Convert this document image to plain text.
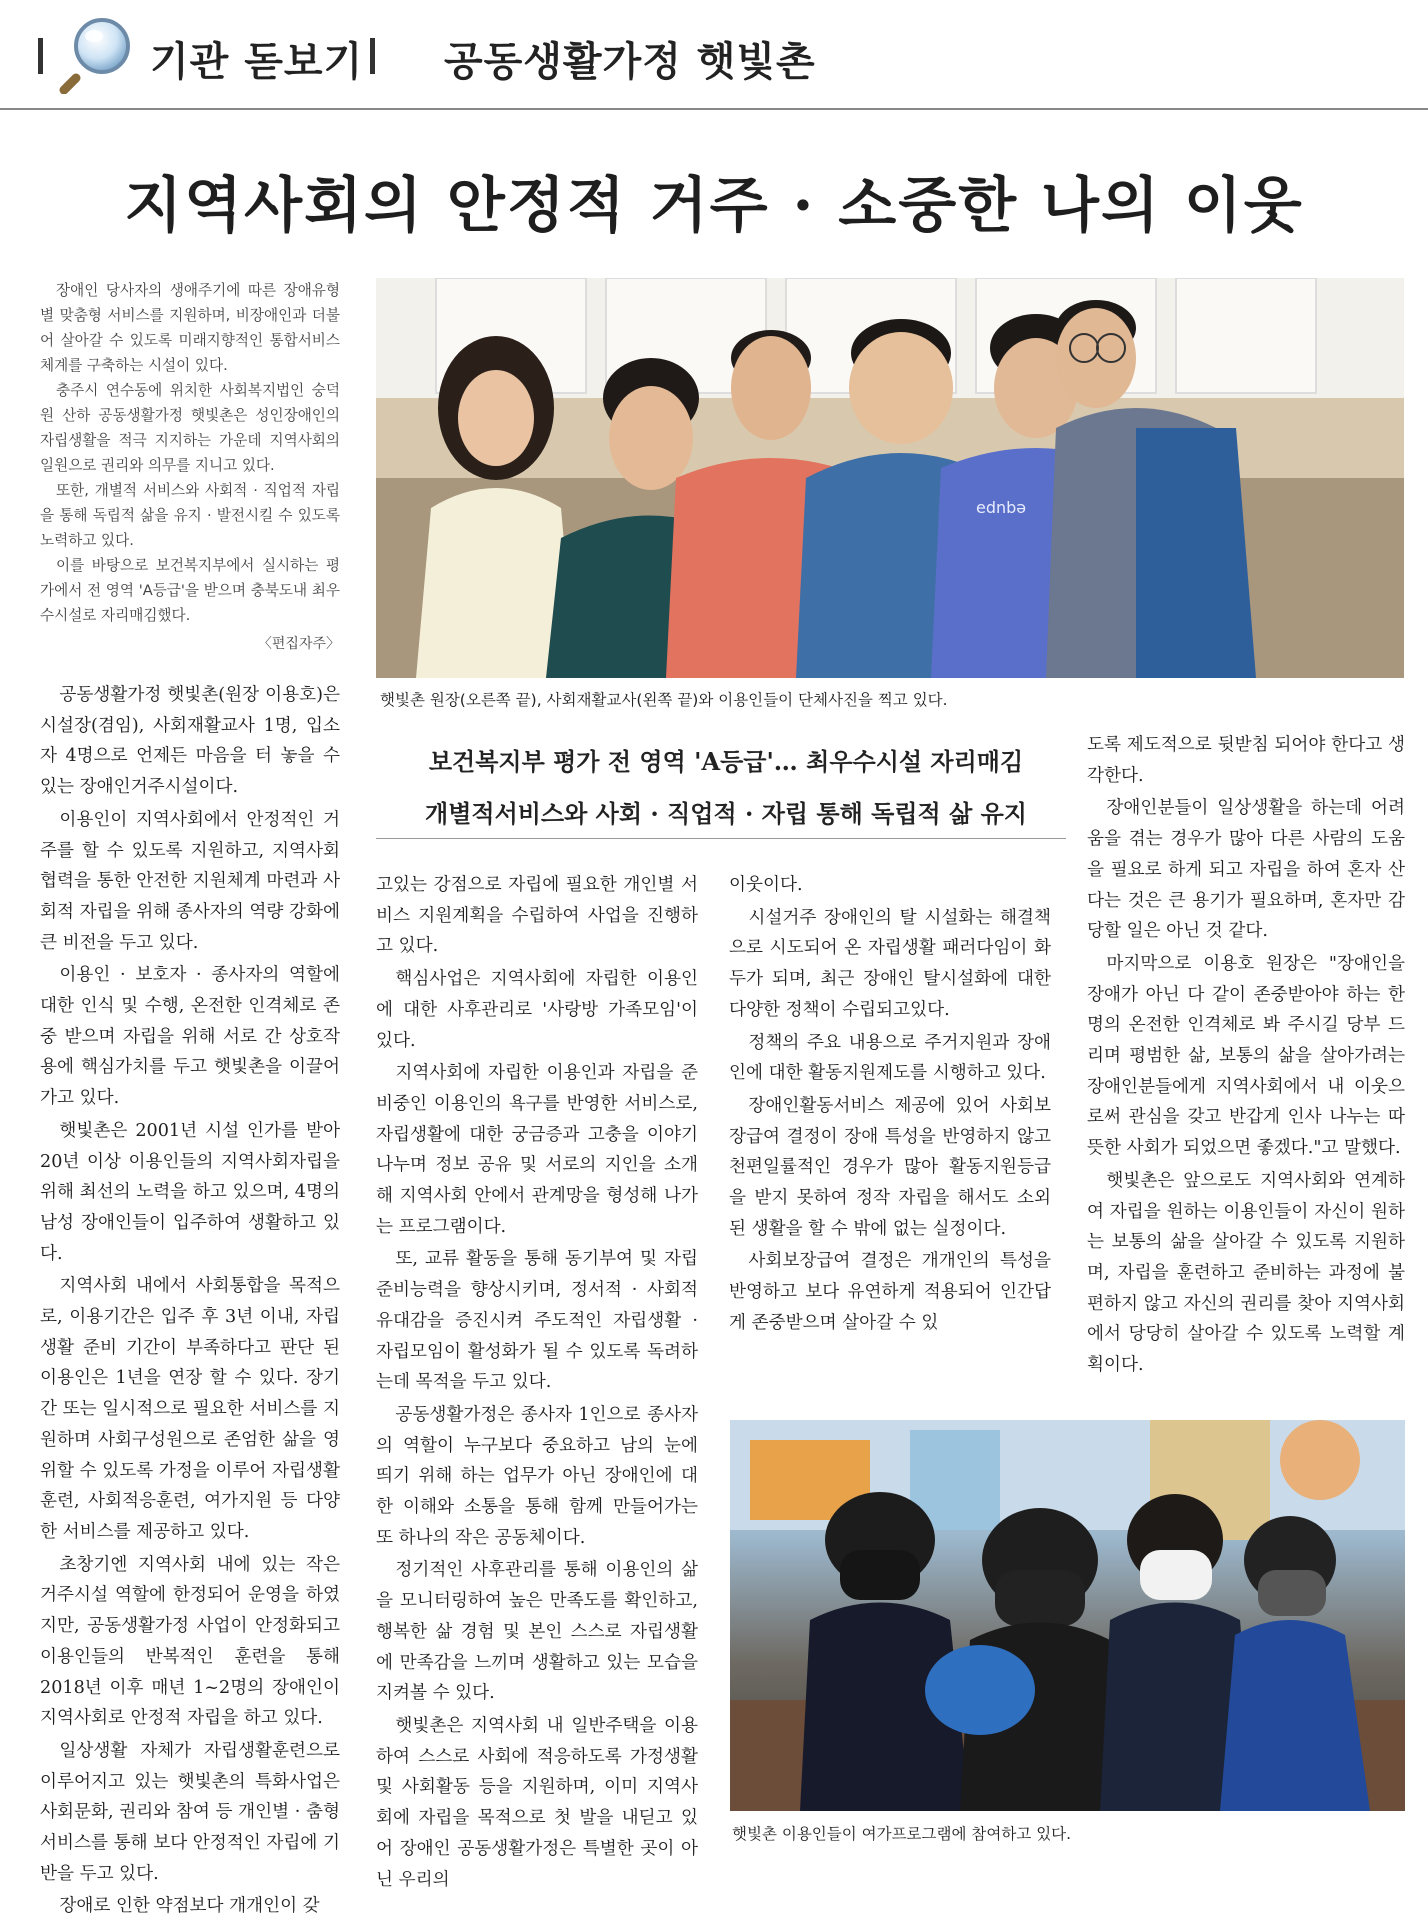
기관 돋보기 공동생활가정 햇빛촌
지역사회의 안정적 거주 · 소중한 나의 이웃

장애인 당사자의 생애주기에 따른 장애유형별 맞춤형 서비스를 지원하며, 비장애인과 더불어 살아갈 수 있도록 미래지향적인 통합서비스 체계를 구축하는 시설이 있다.

충주시 연수동에 위치한 사회복지법인 숭덕원 산하 공동생활가정 햇빛촌은 성인장애인의 자립생활을 적극 지지하는 가운데 지역사회의 일원으로 권리와 의무를 지니고 있다.

또한, 개별적 서비스와 사회적 · 직업적 자립을 통해 독립적 삶을 유지 · 발전시킬 수 있도록 노력하고 있다.

이를 바탕으로 보건복지부에서 실시하는 평가에서 전 영역 'A등급'을 받으며 충북도내 최우수시설로 자리매김했다.

〈편집자주〉
ednbə
햇빛촌 원장(오른쪽 끝), 사회재활교사(왼쪽 끝)와 이용인들이 단체사진을 찍고 있다.
보건복지부 평가 전 영역 'A등급'… 최우수시설 자리매김
개별적서비스와 사회 · 직업적 · 자립 통해 독립적 삶 유지

공동생활가정 햇빛촌(원장 이용호)은 시설장(겸임), 사회재활교사 1명, 입소자 4명으로 언제든 마음을 터 놓을 수 있는 장애인거주시설이다.

이용인이 지역사회에서 안정적인 거주를 할 수 있도록 지원하고, 지역사회협력을 통한 안전한 지원체계 마련과 사회적 자립을 위해 종사자의 역량 강화에 큰 비전을 두고 있다.

이용인 · 보호자 · 종사자의 역할에 대한 인식 및 수행, 온전한 인격체로 존중 받으며 자립을 위해 서로 간 상호작용에 핵심가치를 두고 햇빛촌을 이끌어 가고 있다.

햇빛촌은 2001년 시설 인가를 받아 20년 이상 이용인들의 지역사회자립을 위해 최선의 노력을 하고 있으며, 4명의 남성 장애인들이 입주하여 생활하고 있다.

지역사회 내에서 사회통합을 목적으로, 이용기간은 입주 후 3년 이내, 자립생활 준비 기간이 부족하다고 판단 된 이용인은 1년을 연장 할 수 있다. 장기간 또는 일시적으로 필요한 서비스를 지원하며 사회구성원으로 존엄한 삶을 영위할 수 있도록 가정을 이루어 자립생활훈련, 사회적응훈련, 여가지원 등 다양한 서비스를 제공하고 있다.

초창기엔 지역사회 내에 있는 작은 거주시설 역할에 한정되어 운영을 하였지만, 공동생활가정 사업이 안정화되고 이용인들의 반복적인 훈련을 통해 2018년 이후 매년 1~2명의 장애인이 지역사회로 안정적 자립을 하고 있다.

일상생활 자체가 자립생활훈련으로 이루어지고 있는 햇빛촌의 특화사업은 사회문화, 권리와 참여 등 개인별 · 춤형 서비스를 통해 보다 안정적인 자립에 기반을 두고 있다.

장애로 인한 약점보다 개개인이 갖

고있는 강점으로 자립에 필요한 개인별 서비스 지원계획을 수립하여 사업을 진행하고 있다.

핵심사업은 지역사회에 자립한 이용인에 대한 사후관리로 '사랑방 가족모임'이 있다.

지역사회에 자립한 이용인과 자립을 준비중인 이용인의 욕구를 반영한 서비스로, 자립생활에 대한 궁금증과 고충을 이야기 나누며 정보 공유 및 서로의 지인을 소개해 지역사회 안에서 관계망을 형성해 나가는 프로그램이다.

또, 교류 활동을 통해 동기부여 및 자립준비능력을 향상시키며, 정서적 · 사회적 유대감을 증진시켜 주도적인 자립생활 · 자립모임이 활성화가 될 수 있도록 독려하는데 목적을 두고 있다.

공동생활가정은 종사자 1인으로 종사자의 역할이 누구보다 중요하고 남의 눈에 띄기 위해 하는 업무가 아닌 장애인에 대한 이해와 소통을 통해 함께 만들어가는 또 하나의 작은 공동체이다.

정기적인 사후관리를 통해 이용인의 삶을 모니터링하여 높은 만족도를 확인하고, 행복한 삶 경험 및 본인 스스로 자립생활에 만족감을 느끼며 생활하고 있는 모습을 지켜볼 수 있다.

햇빛촌은 지역사회 내 일반주택을 이용하여 스스로 사회에 적응하도록 가정생활 및 사회활동 등을 지원하며, 이미 지역사회에 자립을 목적으로 첫 발을 내딛고 있어 장애인 공동생활가정은 특별한 곳이 아닌 우리의

이웃이다.

시설거주 장애인의 탈 시설화는 해결책으로 시도되어 온 자립생활 패러다임이 화두가 되며, 최근 장애인 탈시설화에 대한 다양한 정책이 수립되고있다.

정책의 주요 내용으로 주거지원과 장애인에 대한 활동지원제도를 시행하고 있다.

장애인활동서비스 제공에 있어 사회보장급여 결정이 장애 특성을 반영하지 않고 천편일률적인 경우가 많아 활동지원등급을 받지 못하여 정작 자립을 해서도 소외된 생활을 할 수 밖에 없는 실정이다.

사회보장급여 결정은 개개인의 특성을 반영하고 보다 유연하게 적용되어 인간답게 존중받으며 살아갈 수 있

도록 제도적으로 뒷받침 되어야 한다고 생각한다.

장애인분들이 일상생활을 하는데 어려움을 겪는 경우가 많아 다른 사람의 도움을 필요로 하게 되고 자립을 하여 혼자 산다는 것은 큰 용기가 필요하며, 혼자만 감당할 일은 아닌 것 같다.

마지막으로 이용호 원장은 "장애인을 장애가 아닌 다 같이 존중받아야 하는 한명의 온전한 인격체로 봐 주시길 당부 드리며 평범한 삶, 보통의 삶을 살아가려는 장애인분들에게 지역사회에서 내 이웃으로써 관심을 갖고 반갑게 인사 나누는 따뜻한 사회가 되었으면 좋겠다."고 말했다.

햇빛촌은 앞으로도 지역사회와 연계하여 자립을 원하는 이용인들이 자신이 원하는 보통의 삶을 살아갈 수 있도록 지원하며, 자립을 훈련하고 준비하는 과정에 불편하지 않고 자신의 권리를 찾아 지역사회에서 당당히 살아갈 수 있도록 노력할 계획이다.

햇빛촌 이용인들이 여가프로그램에 참여하고 있다.
